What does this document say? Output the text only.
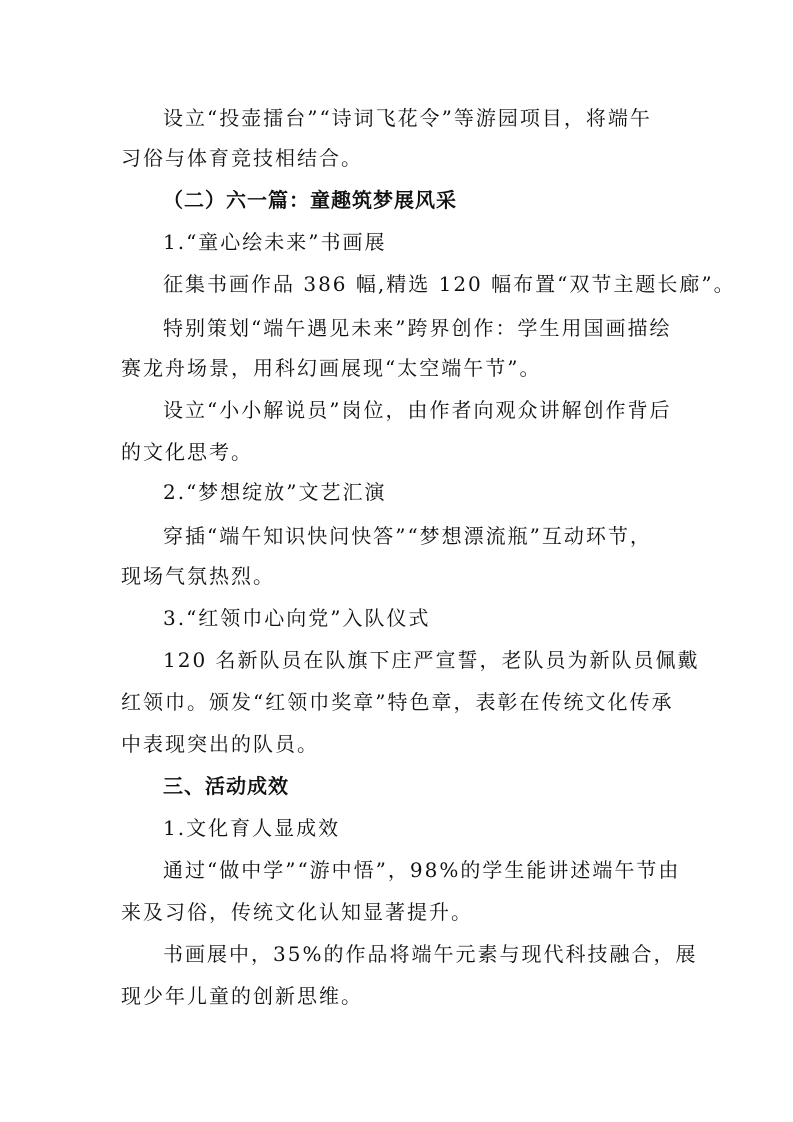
设立“投壶擂台”“诗词飞花令”等游园项目，将端午
习俗与体育竞技相结合。
（二）六一篇：童趣筑梦展风采
1.“童心绘未来”书画展
征集书画作品 386 幅,精选 120 幅布置“双节主题长廊”。
特别策划“端午遇见未来”跨界创作：学生用国画描绘
赛龙舟场景，用科幻画展现“太空端午节”。
设立“小小解说员”岗位，由作者向观众讲解创作背后
的文化思考。
2.“梦想绽放”文艺汇演
穿插“端午知识快问快答”“梦想漂流瓶”互动环节，
现场气氛热烈。
3.“红领巾心向党”入队仪式
120 名新队员在队旗下庄严宣誓，老队员为新队员佩戴
红领巾。颁发“红领巾奖章”特色章，表彰在传统文化传承
中表现突出的队员。
三、活动成效
1.文化育人显成效
通过“做中学”“游中悟”，98%的学生能讲述端午节由
来及习俗，传统文化认知显著提升。
书画展中，35%的作品将端午元素与现代科技融合，展
现少年儿童的创新思维。
